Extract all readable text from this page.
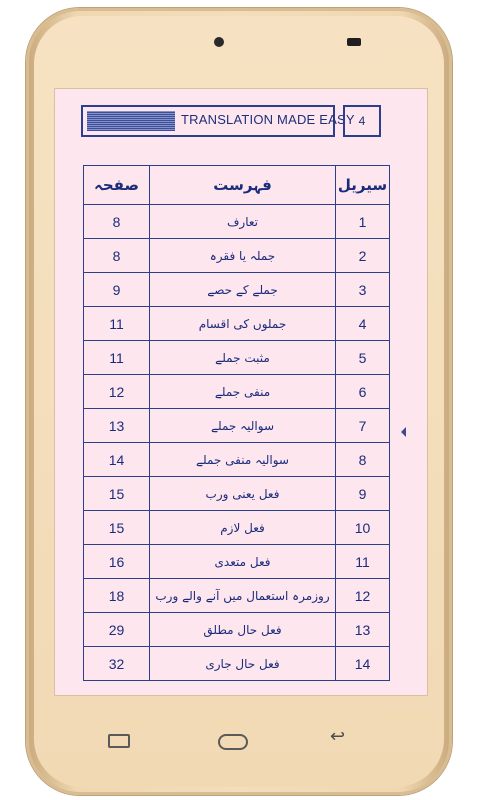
TRANSLATION MADE EASY 4
صفحہ	فہرست	سیریل
8	تعارف	1
8	جملہ یا فقرہ	2
9	جملے کے حصے	3
11	جملوں کی اقسام	4
11	مثبت جملے	5
12	منفی جملے	6
13	سوالیہ جملے	7
14	سوالیہ منفی جملے	8
15	فعل یعنی ورب	9
15	فعل لازم	10
16	فعل متعدی	11
18	روزمرہ استعمال میں آنے والے ورب	12
29	فعل حال مطلق	13
32	فعل حال جاری	14
↩
